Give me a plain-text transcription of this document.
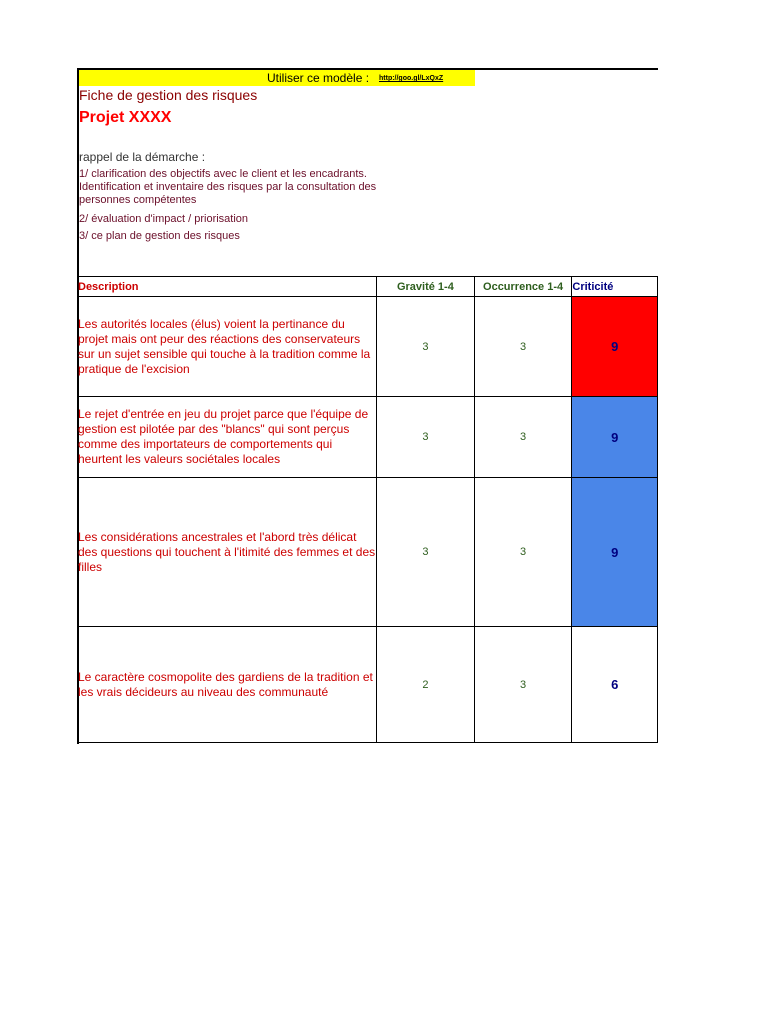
Utiliser ce modèle : http://goo.gl/LxQxZ
Fiche de gestion des risques
Projet XXXX
rappel de la démarche :
1/ clarification des objectifs avec le client et les encadrants. Identification et inventaire des risques par la consultation des personnes compétentes
2/ évaluation d'impact / priorisation
3/ ce plan de gestion des risques
Description	Gravité 1-4	Occurrence 1-4	Criticité
Les autorités locales (élus) voient la pertinance du projet mais ont peur des réactions des conservateurs sur un sujet sensible qui touche à la tradition comme la pratique de l'excision	3	3	9
Le rejet d'entrée en jeu du projet parce que l'équipe de gestion est pilotée par des "blancs" qui sont perçus comme des importateurs de comportements qui heurtent les valeurs sociétales locales	3	3	9
Les considérations ancestrales et l'abord très délicat des questions qui touchent à l'itimité des femmes et des filles	3	3	9
Le caractère cosmopolite des gardiens de la tradition et les vrais décideurs au niveau des communauté	2	3	6
